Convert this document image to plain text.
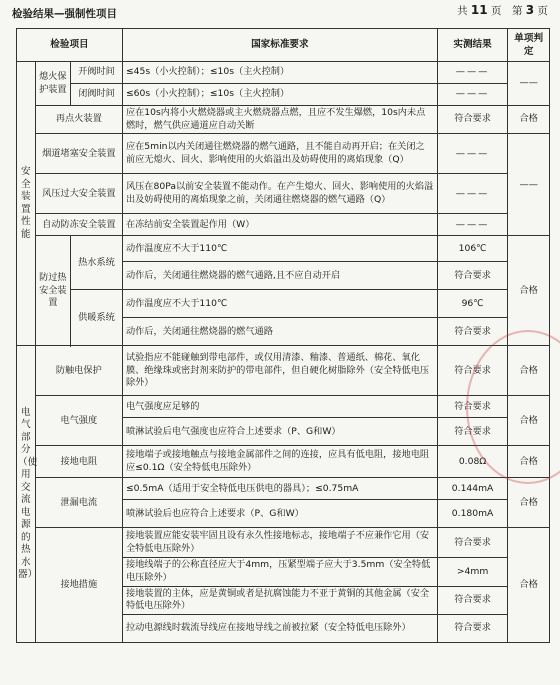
检验结果—强制性项目	共 11 页　第 3 页
检验项目			国家标准要求	实测结果	单项判定
安全装置性能	熄火保护装置	开阀时间	≤45s（小火控制）；≤10s（主火控制）	———	——
		闭阀时间	≤60s（小火控制）；≤10s（主火控制）	———	
	再点火装置		应在10s内将小火燃烧器或主火燃烧器点燃，且应不发生爆燃，10s内未点燃时，燃气供应通道应自动关断	符合要求	合格
	烟道堵塞安全装置		应在5min以内关闭通往燃烧器的燃气通路，且不能自动再开启；在关闭之前应无熄火、回火、影响使用的火焰溢出及妨碍使用的离焰现象（Q）	———	——
	风压过大安全装置		风压在80Pa以前安全装置不能动作。在产生熄火、回火、影响使用的火焰溢出及妨碍使用的离焰现象之前，关闭通往燃烧器的燃气通路（Q）	———	
	自动防冻安全装置		在冻结前安全装置起作用（W）	———	
	防过热安全装置	热水系统	动作温度应不大于110℃	106℃	合格
			动作后，关闭通往燃烧器的燃气通路,且不应自动开启	符合要求	

		供暖系统	动作温度应不大于110℃	96℃	
			动作后，关闭通往燃烧器的燃气通路	符合要求	

电气部分（使用交流电源的热水器）	防触电保护		试验指应不能碰触到带电部件，或仅用清漆、釉漆、普通纸、棉花、氧化膜、绝缘珠或密封剂来防护的带电部件，但自硬化树脂除外（安全特低电压除外）	符合要求	合格
	电气强度		电气强度应足够的	符合要求	合格
			喷淋试验后电气强度也应符合上述要求（P、G和W）	符合要求	
	接地电阻		接地端子或接地触点与接地金属部件之间的连接，应具有低电阻，接地电阻应≤0.1Ω（安全特低电压除外）	0.08Ω	合格
	泄漏电流		≤0.5mA（适用于安全特低电压供电的器具）；≤0.75mA	0.144mA	合格
			喷淋试验后也应符合上述要求（P、G和W）	0.180mA	
	接地措施		接地装置应能安装牢固且设有永久性接地标志，接地端子不应兼作它用（安全特低电压除外）	符合要求	合格
			接地线端子的公称直径应大于4mm，压紧型端子应大于3.5mm（安全特低电压除外）	>4mm	
			接地装置的主体，应是黄铜或者是抗腐蚀能力不亚于黄铜的其他金属（安全特低电压除外）	符合要求	
			拉动电源线时载流导线应在接地导线之前被拉紧（安全特低电压除外）	符合要求	
